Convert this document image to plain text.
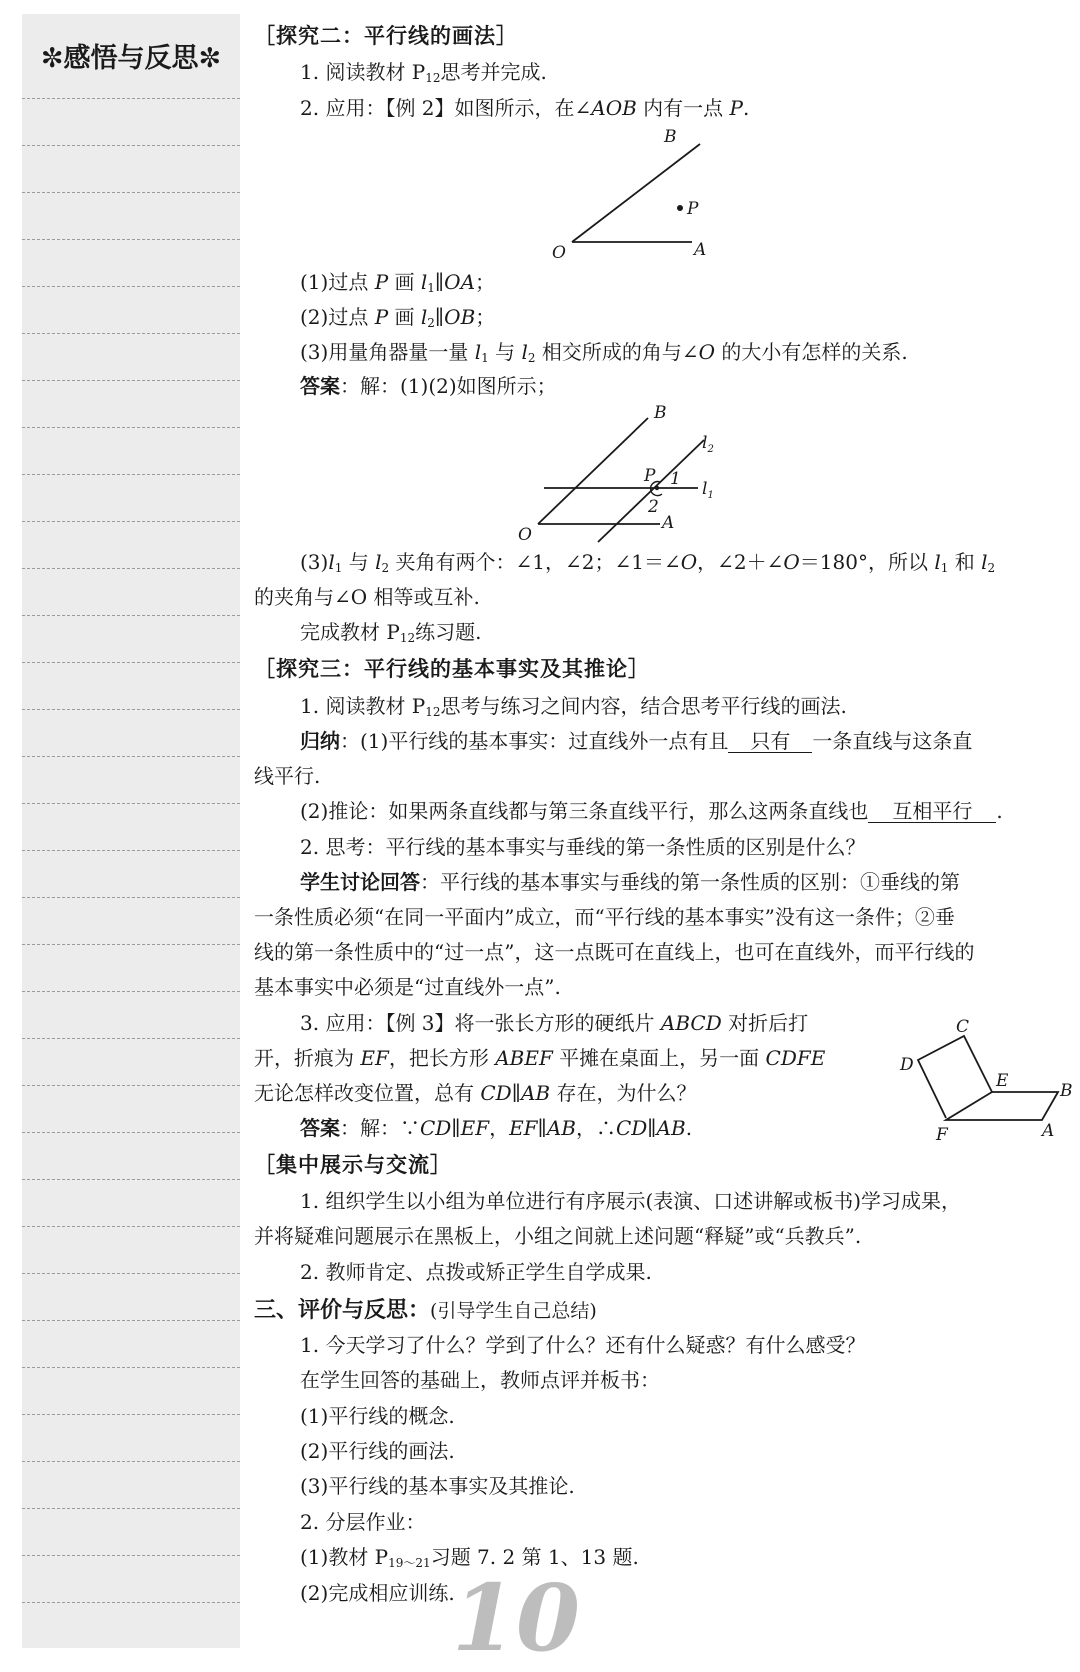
✼感悟与反思✼
［探究二：平行线的画法］
1. 阅读教材 $P_{12}$思考并完成.
2. 应用：【例 2】如图所示，在∠AOB 内有一点 P.
B
P
O	A
(1)过点 P 画 $l_1\parallel OA$；
(2)过点 P 画 $l_2\parallel OB$；
(3)用量角器量一量 $l_1$ 与 $l_2$ 相交所成的角与∠O 的大小有怎样的关系.
答案：解：(1)(2)如图所示；
B
$l_2$
P 1 $l_1$
2
O
A
$(3)l_1$ 与 $l_2$ 夹角有两个：∠1，∠2；∠1＝∠O，∠2＋∠O＝180°，所以 $l_1$ 和 $l_2$
的夹角与∠O 相等或互补.
完成教材 $P_{12}$练习题.
［探究三：平行线的基本事实及其推论］
1. 阅读教材 $P_{12}$思考与练习之间内容，结合思考平行线的画法.
归纳：(1)平行线的基本事实：过直线外一点有且 只有 一条直线与这条直
线平行.
(2)推论：如果两条直线都与第三条直线平行，那么这两条直线也 互相平行 .
2. 思考：平行线的基本事实与垂线的第一条性质的区别是什么？
学生讨论回答：平行线的基本事实与垂线的第一条性质的区别：①垂线的第
一条性质必须“在同一平面内”成立，而“平行线的基本事实”没有这一条件；②垂
线的第一条性质中的“过一点”，这一点既可在直线上，也可在直线外，而平行线的
基本事实中必须是“过直线外一点”.
3. 应用：【例 3】将一张长方形的硬纸片 ABCD 对折后打
开，折痕为 EF，把长方形 ABEF 平摊在桌面上，另一面 CDFE
无论怎样改变位置，总有 CD∥AB 存在，为什么？
答案：解：∵CD∥EF，EF∥AB，∴CD∥AB.
C
D
E	B
F	A
［集中展示与交流］
1. 组织学生以小组为单位进行有序展示(表演、口述讲解或板书)学习成果，
并将疑难问题展示在黑板上，小组之间就上述问题“释疑”或“兵教兵”.
2. 教师肯定、点拨或矫正学生自学成果.
三、评价与反思：(引导学生自己总结)
1. 今天学习了什么？学到了什么？还有什么疑惑？有什么感受？
在学生回答的基础上，教师点评并板书：
(1)平行线的概念.
(2)平行线的画法.
(3)平行线的基本事实及其推论.
2. 分层作业：
(1)教材 $P_{19\sim 21}$习题 7. 2 第 1、13 题.
(2)完成相应训练.
10
